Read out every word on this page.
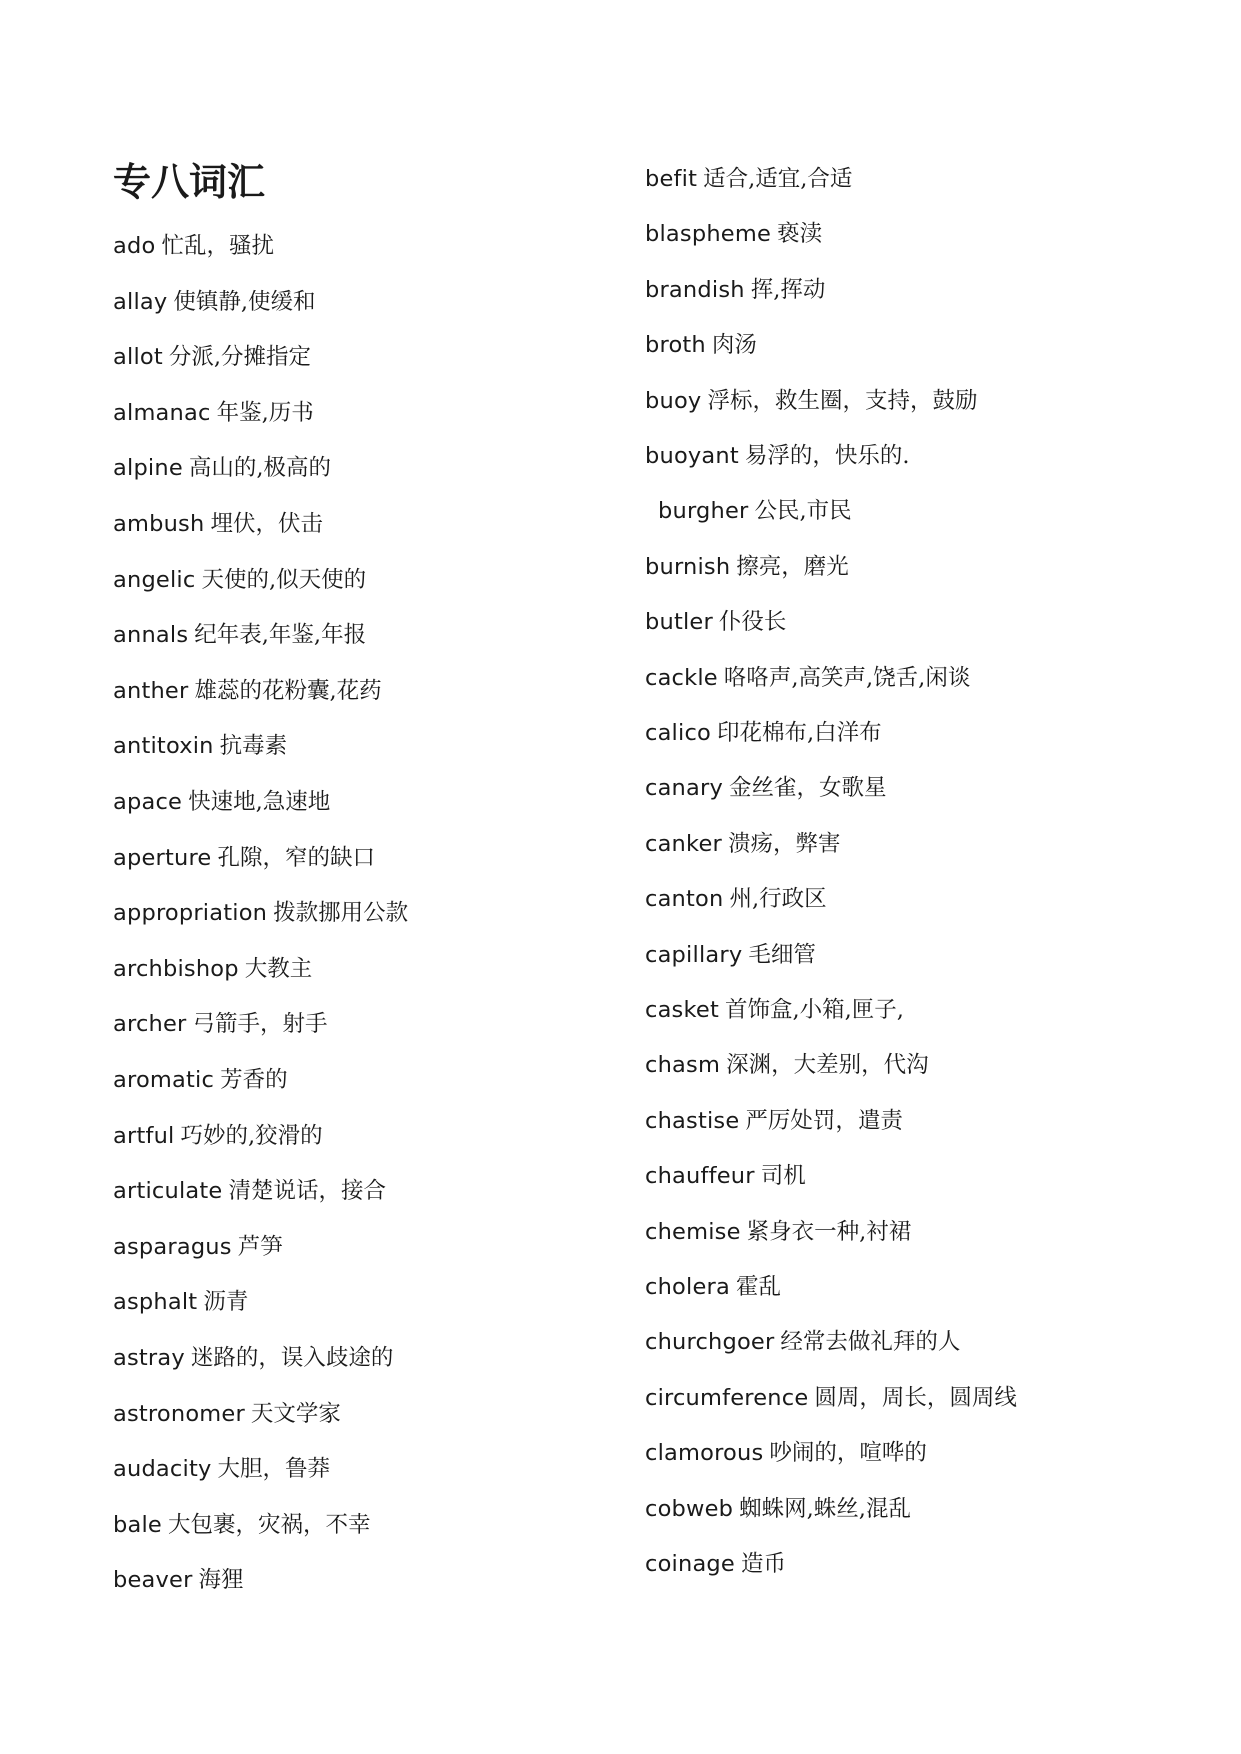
专八词汇
ado 忙乱，骚扰
allay 使镇静,使缓和
allot 分派,分摊指定
almanac 年鉴,历书
alpine 高山的,极高的
ambush 埋伏，伏击
angelic 天使的,似天使的
annals 纪年表,年鉴,年报
anther 雄蕊的花粉囊,花药
antitoxin 抗毒素
apace 快速地,急速地
aperture 孔隙，窄的缺口
appropriation 拨款挪用公款
archbishop 大教主
archer 弓箭手，射手
aromatic 芳香的
artful 巧妙的,狡滑的
articulate 清楚说话，接合
asparagus 芦笋
asphalt 沥青
astray 迷路的，误入歧途的
astronomer 天文学家
audacity 大胆，鲁莽
bale 大包裹，灾祸，不幸
beaver 海狸
befit 适合,适宜,合适
blaspheme 亵渎
brandish 挥,挥动
broth 肉汤
buoy 浮标，救生圈，支持，鼓励
buoyant 易浮的，快乐的.
burgher 公民,市民
burnish 擦亮，磨光
butler 仆役长
cackle 咯咯声,高笑声,饶舌,闲谈
calico 印花棉布,白洋布
canary 金丝雀，女歌星
canker 溃疡，弊害
canton 州,行政区
capillary 毛细管
casket 首饰盒,小箱,匣子,
chasm 深渊，大差别，代沟
chastise 严厉处罚，遣责
chauffeur 司机
chemise 紧身衣一种,衬裙
cholera 霍乱
churchgoer 经常去做礼拜的人
circumference 圆周，周长，圆周线
clamorous 吵闹的，喧哗的
cobweb 蜘蛛网,蛛丝,混乱
coinage 造币
